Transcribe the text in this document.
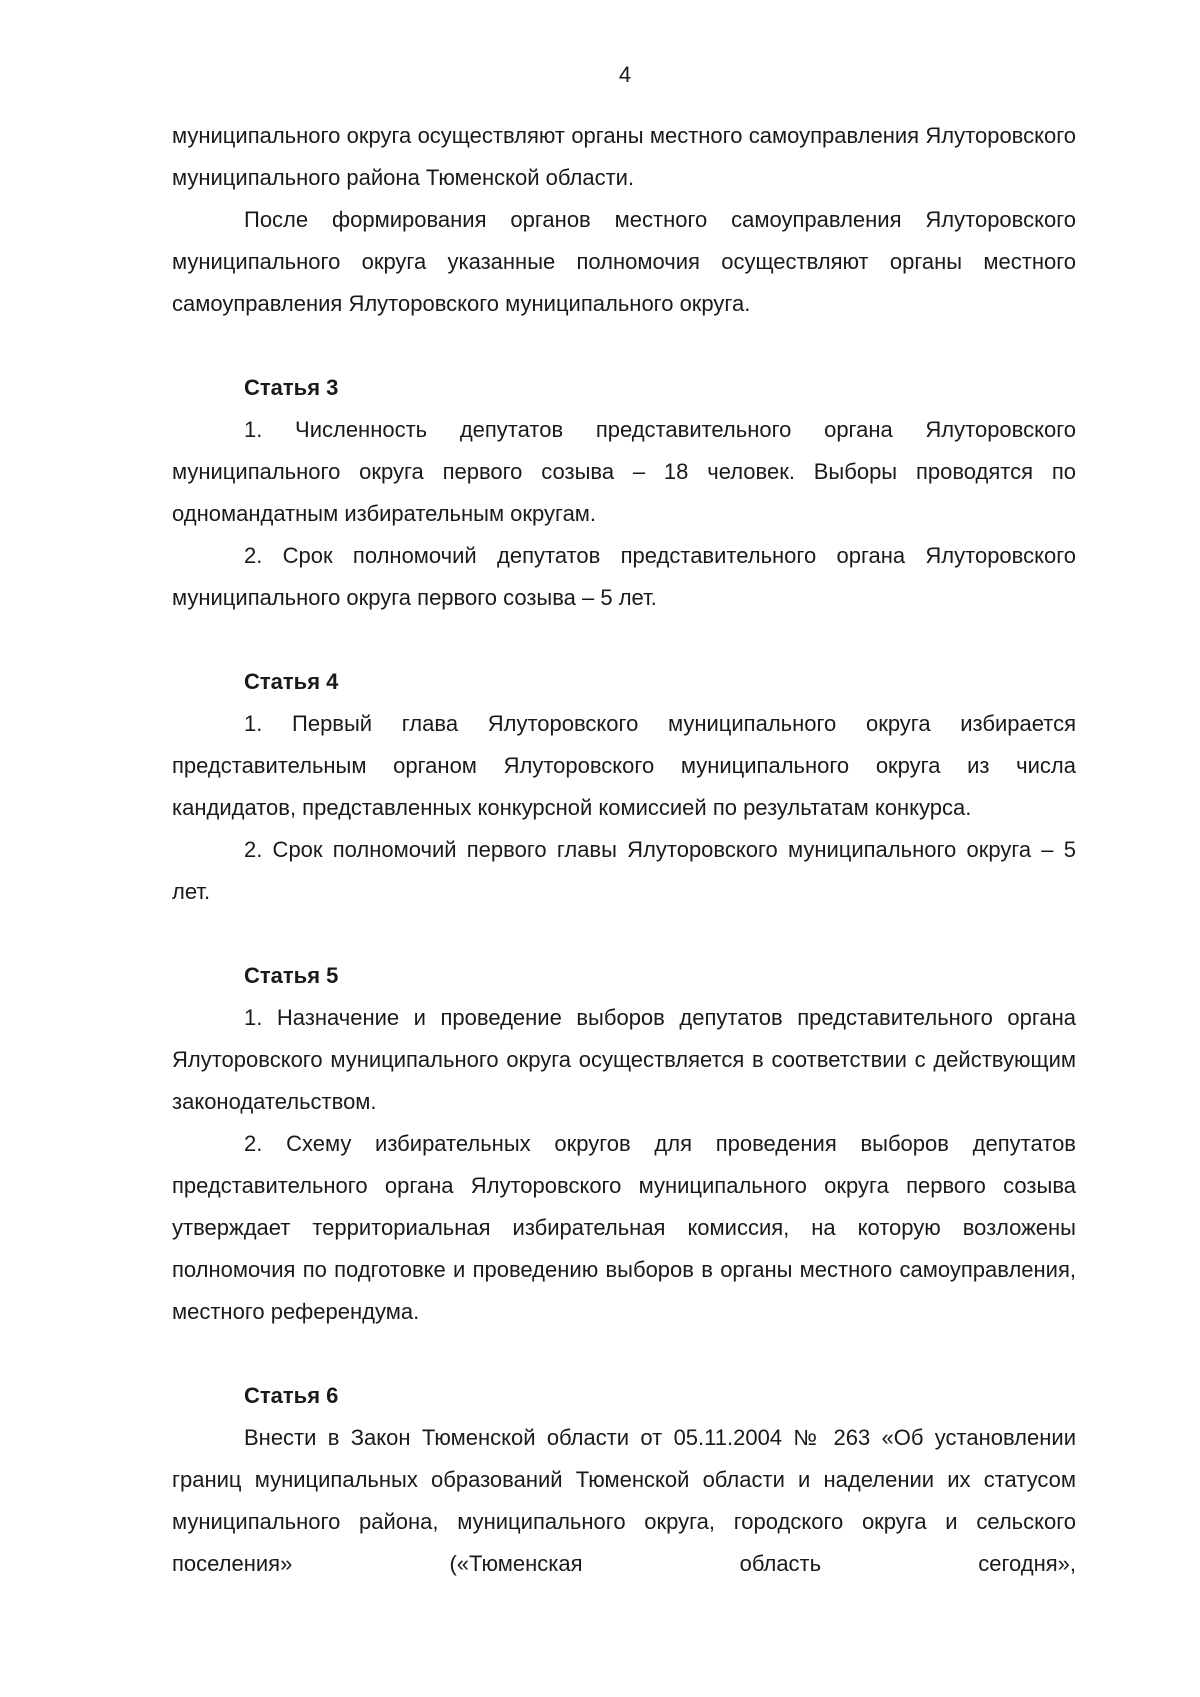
4

муниципального округа осуществляют органы местного самоуправления Ялуторовского муниципального района Тюменской области.

После формирования органов местного самоуправления Ялуторовского муниципального округа указанные полномочия осуществляют органы местного самоуправления Ялуторовского муниципального округа.

Статья 3

1. Численность депутатов представительного органа Ялуторовского муниципального округа первого созыва – 18 человек. Выборы проводятся по одномандатным избирательным округам.

2. Срок полномочий депутатов представительного органа Ялуторовского муниципального округа первого созыва – 5 лет.

Статья 4

1. Первый глава Ялуторовского муниципального округа избирается представительным органом Ялуторовского муниципального округа из числа кандидатов, представленных конкурсной комиссией по результатам конкурса.

2. Срок полномочий первого главы Ялуторовского муниципального округа – 5 лет.

Статья 5

1. Назначение и проведение выборов депутатов представительного органа Ялуторовского муниципального округа осуществляется в соответствии с действующим законодательством.

2. Схему избирательных округов для проведения выборов депутатов представительного органа Ялуторовского муниципального округа первого созыва утверждает территориальная избирательная комиссия, на которую возложены полномочия по подготовке и проведению выборов в органы местного самоуправления, местного референдума.

Статья 6

Внести в Закон Тюменской области от 05.11.2004 № 263 «Об установлении границ муниципальных образований Тюменской области и наделении их статусом муниципального района, муниципального округа, городского округа и сельского поселения» («Тюменская область сегодня»,
